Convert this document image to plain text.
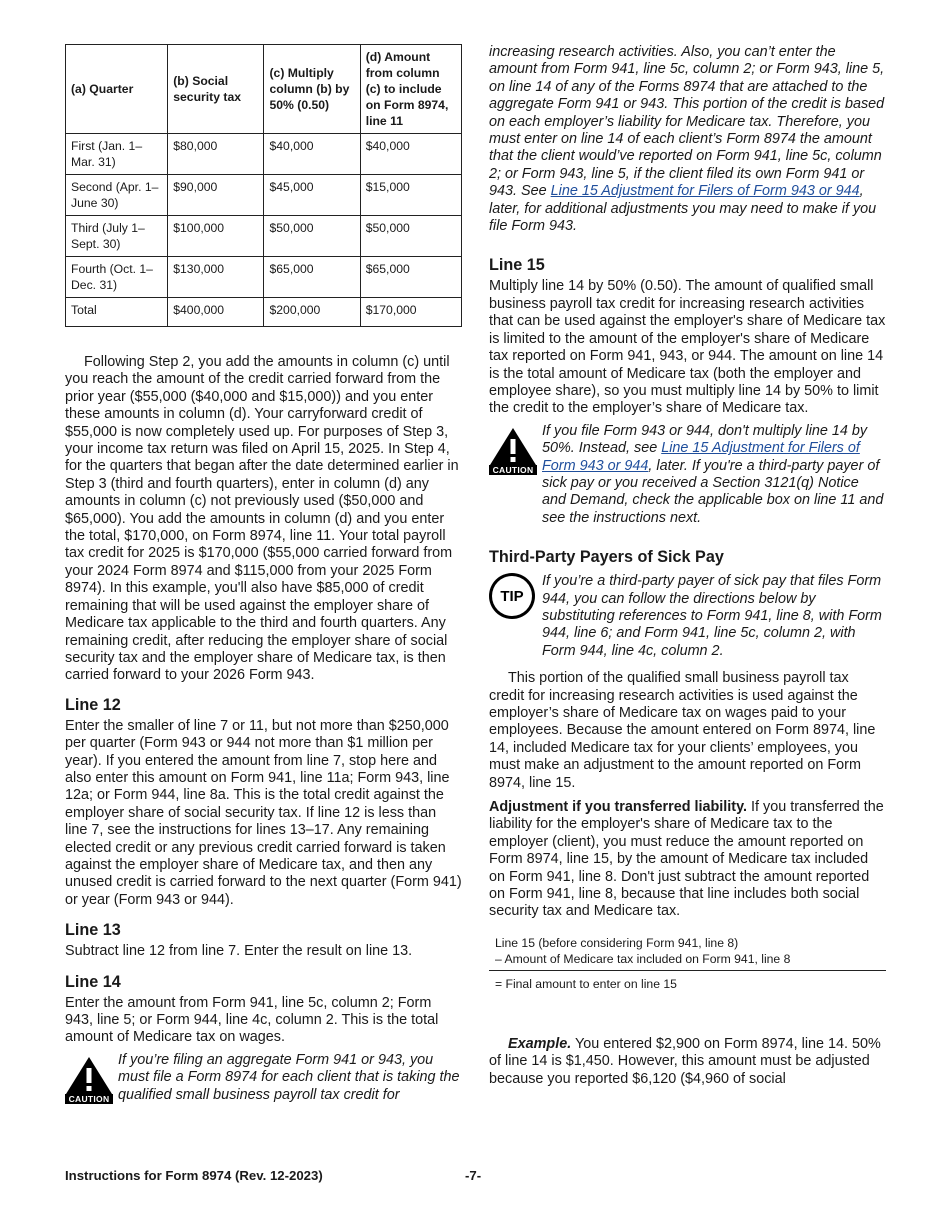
(a) Quarter	(b) Social security tax	(c) Multiply column (b) by 50% (0.50)	(d) Amount from column (c) to include on Form 8974, line 11
First (Jan. 1–Mar. 31)	$80,000	$40,000	$40,000
Second (Apr. 1–June 30)	$90,000	$45,000	$15,000
Third (July 1–Sept. 30)	$100,000	$50,000	$50,000
Fourth (Oct. 1–Dec. 31)	$130,000	$65,000	$65,000
Total	$400,000	$200,000	$170,000

Following Step 2, you add the amounts in column (c) until you reach the amount of the credit carried forward from the prior year ($55,000 ($40,000 and $15,000)) and you enter these amounts in column (d). Your carryforward credit of $55,000 is now completely used up. For purposes of Step 3, your income tax return was filed on April 15, 2025. In Step 4, for the quarters that began after the date determined earlier in Step 3 (third and fourth quarters), enter in column (d) any amounts in column (c) not previously used ($50,000 and $65,000). You add the amounts in column (d) and you enter the total, $170,000, on Form 8974, line 11. Your total payroll tax credit for 2025 is $170,000 ($55,000 carried forward from your 2024 Form 8974 and $115,000 from your 2025 Form 8974). In this example, you'll also have $85,000 of credit remaining that will be used against the employer share of Medicare tax applicable to the third and fourth quarters. Any remaining credit, after reducing the employer share of social security tax and the employer share of Medicare tax, is then carried forward to your 2026 Form 943.

Line 12

Enter the smaller of line 7 or 11, but not more than $250,000 per quarter (Form 943 or 944 not more than $1 million per year). If you entered the amount from line 7, stop here and also enter this amount on Form 941, line 11a; Form 943, line 12a; or Form 944, line 8a. This is the total credit against the employer share of social security tax. If line 12 is less than line 7, see the instructions for lines 13–17. Any remaining elected credit or any previous credit carried forward is taken against the employer share of Medicare tax, and then any unused credit is carried forward to the next quarter (Form 941) or year (Form 943 or 944).

Line 13

Subtract line 12 from line 7. Enter the result on line 13.

Line 14

Enter the amount from Form 941, line 5c, column 2; Form 943, line 5; or Form 944, line 4c, column 2. This is the total amount of Medicare tax on wages.

CAUTION

If you’re filing an aggregate Form 941 or 943, you must file a Form 8974 for each client that is taking the qualified small business payroll tax credit for

increasing research activities. Also, you can’t enter the amount from Form 941, line 5c, column 2; or Form 943, line 5, on line 14 of any of the Forms 8974 that are attached to the aggregate Form 941 or 943. This portion of the credit is based on each employer’s liability for Medicare tax. Therefore, you must enter on line 14 of each client’s Form 8974 the amount that the client would’ve reported on Form 941, line 5c, column 2; or Form 943, line 5, if the client filed its own Form 941 or 943. See Line 15 Adjustment for Filers of Form 943 or 944, later, for additional adjustments you may need to make if you file Form 943.

Line 15

Multiply line 14 by 50% (0.50). The amount of qualified small business payroll tax credit for increasing research activities that can be used against the employer's share of Medicare tax is limited to the amount of the employer's share of Medicare tax reported on Form 941, 943, or 944. The amount on line 14 is the total amount of Medicare tax (both the employer and employee share), so you must multiply line 14 by 50% to limit the credit to the employer’s share of Medicare tax.

CAUTION

If you file Form 943 or 944, don't multiply line 14 by 50%. Instead, see Line 15 Adjustment for Filers of Form 943 or 944, later. If you're a third-party payer of sick pay or you received a Section 3121(q) Notice and Demand, check the applicable box on line 11 and see the instructions next.

Third-Party Payers of Sick Pay
TIP

If you’re a third-party payer of sick pay that files Form 944, you can follow the directions below by substituting references to Form 941, line 8, with Form 944, line 6; and Form 941, line 5c, column 2, with Form 944, line 4c, column 2.

This portion of the qualified small business payroll tax credit for increasing research activities is used against the employer’s share of Medicare tax on wages paid to your employees. Because the amount entered on Form 8974, line 14, included Medicare tax for your clients’ employees, you must make an adjustment to the amount reported on Form 8974, line 15.

Adjustment if you transferred liability. If you transferred the liability for the employer's share of Medicare tax to the employer (client), you must reduce the amount reported on Form 8974, line 15, by the amount of Medicare tax included on Form 941, line 8. Don't just subtract the amount reported on Form 941, line 8, because that line includes both social security tax and Medicare tax.

Line 15 (before considering Form 941, line 8)
– Amount of Medicare tax included on Form 941, line 8
= Final amount to enter on line 15

Example. You entered $2,900 on Form 8974, line 14. 50% of line 14 is $1,450. However, this amount must be adjusted because you reported $6,120 ($4,960 of social

Instructions for Form 8974 (Rev. 12-2023)	-7-
